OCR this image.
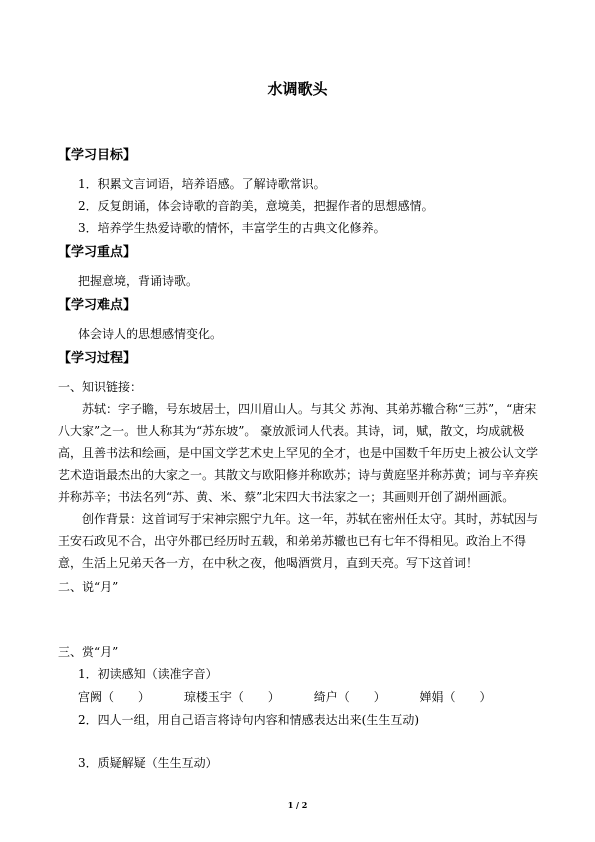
水调歌头
【学习目标】
1．积累文言词语，培养语感。了解诗歌常识。
2．反复朗诵，体会诗歌的音韵美，意境美，把握作者的思想感情。
3．培养学生热爱诗歌的情怀，丰富学生的古典文化修养。
【学习重点】
把握意境，背诵诗歌。
【学习难点】
体会诗人的思想感情变化。
【学习过程】
一、知识链接：
苏轼：字子瞻，号东坡居士，四川眉山人。与其父 苏洵、其弟苏辙合称“三苏”，“唐宋八大家”之一。世人称其为“苏东坡”。 豪放派词人代表。其诗，词，赋，散文，均成就极高，且善书法和绘画，是中国文学艺术史上罕见的全才，也是中国数千年历史上被公认文学艺术造诣最杰出的大家之一。其散文与欧阳修并称欧苏；诗与黄庭坚并称苏黄；词与辛弃疾并称苏辛；书法名列“苏、黄、米、蔡”北宋四大书法家之一；其画则开创了湖州画派。
创作背景：这首词写于宋神宗熙宁九年。这一年，苏轼在密州任太守。其时，苏轼因与王安石政见不合，出守外郡已经历时五载，和弟弟苏辙也已有七年不得相见。政治上不得意，生活上兄弟天各一方，在中秋之夜，他喝酒赏月，直到天亮。写下这首词！
二、说“月”
三、赏“月”
1．初读感知（读准字音）
宫阙（　　）	琼楼玉宇（　　）	绮户（　　）	婵娟（　　）
2．四人一组，用自己语言将诗句内容和情感表达出来(生生互动)
3．质疑解疑（生生互动）
1 / 2
